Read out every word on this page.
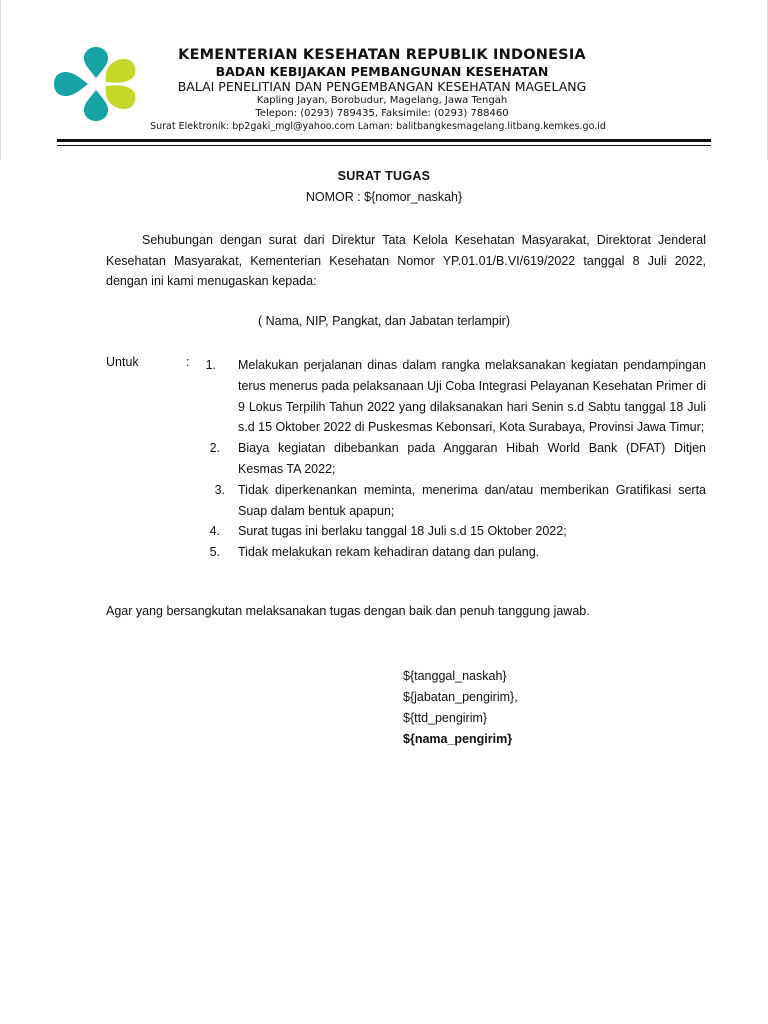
KEMENTERIAN KESEHATAN REPUBLIK INDONESIA
BADAN KEBIJAKAN PEMBANGUNAN KESEHATAN
BALAI PENELITIAN DAN PENGEMBANGAN KESEHATAN MAGELANG
Kapling Jayan, Borobudur, Magelang, Jawa Tengah
Telepon: (0293) 789435, Faksimile: (0293) 788460
Surat Elektronik: bp2gaki_mgl@yahoo.com Laman: balitbangkesmagelang.litbang.kemkes.go.id
SURAT TUGAS
NOMOR : ${nomor_naskah}
Sehubungan dengan surat dari Direktur Tata Kelola Kesehatan Masyarakat, Direktorat Jenderal Kesehatan Masyarakat, Kementerian Kesehatan Nomor YP.01.01/B.VI/619/2022 tanggal 8 Juli 2022, dengan ini kami menugaskan kepada:
( Nama, NIP, Pangkat, dan Jabatan terlampir)
Untuk	:	1. Melakukan perjalanan dinas dalam rangka melaksanakan kegiatan pendampingan terus menerus pada pelaksanaan Uji Coba Integrasi Pelayanan Kesehatan Primer di 9 Lokus Terpilih Tahun 2022 yang dilaksanakan hari Senin s.d Sabtu tanggal 18 Juli s.d 15 Oktober 2022 di Puskesmas Kebonsari, Kota Surabaya, Provinsi Jawa Timur;
2. Biaya kegiatan dibebankan pada Anggaran Hibah World Bank (DFAT) Ditjen Kesmas TA 2022;
3. Tidak diperkenankan meminta, menerima dan/atau memberikan Gratifikasi serta Suap dalam bentuk apapun;
4. Surat tugas ini berlaku tanggal 18 Juli s.d 15 Oktober 2022;
5. Tidak melakukan rekam kehadiran datang dan pulang.
Agar yang bersangkutan melaksanakan tugas dengan baik dan penuh tanggung jawab.
${tanggal_naskah}
${jabatan_pengirim},
${ttd_pengirim}
${nama_pengirim}
